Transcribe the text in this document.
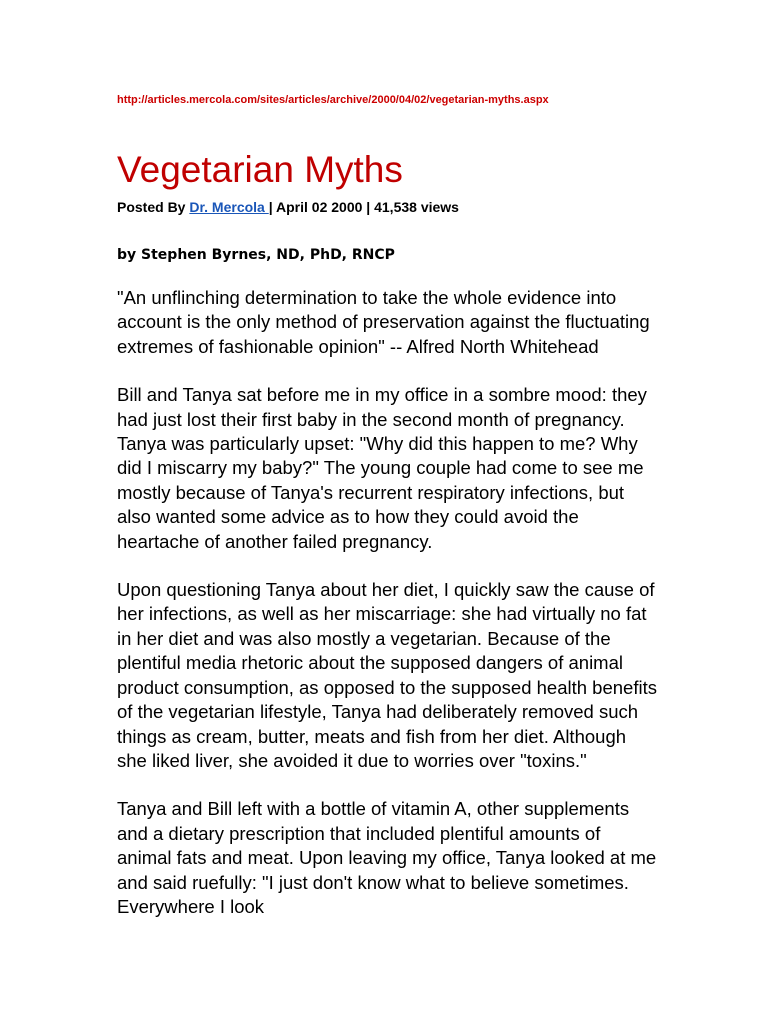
http://articles.mercola.com/sites/articles/archive/2000/04/02/vegetarian-myths.aspx
Vegetarian Myths
Posted By Dr. Mercola | April 02 2000 | 41,538 views
by Stephen Byrnes, ND, PhD, RNCP

"An unflinching determination to take the whole evidence into account is the only method of preservation against the fluctuating extremes of fashionable opinion" -- Alfred North Whitehead

Bill and Tanya sat before me in my office in a sombre mood: they had just lost their first baby in the second month of pregnancy. Tanya was particularly upset: "Why did this happen to me? Why did I miscarry my baby?" The young couple had come to see me mostly because of Tanya's recurrent respiratory infections, but also wanted some advice as to how they could avoid the heartache of another failed pregnancy.

Upon questioning Tanya about her diet, I quickly saw the cause of her infections, as well as her miscarriage: she had virtually no fat in her diet and was also mostly a vegetarian. Because of the plentiful media rhetoric about the supposed dangers of animal product consumption, as opposed to the supposed health benefits of the vegetarian lifestyle, Tanya had deliberately removed such things as cream, butter, meats and fish from her diet. Although she liked liver, she avoided it due to worries over "toxins."

Tanya and Bill left with a bottle of vitamin A, other supplements and a dietary prescription that included plentiful amounts of animal fats and meat. Upon leaving my office, Tanya looked at me and said ruefully: "I just don't know what to believe sometimes. Everywhere I look
